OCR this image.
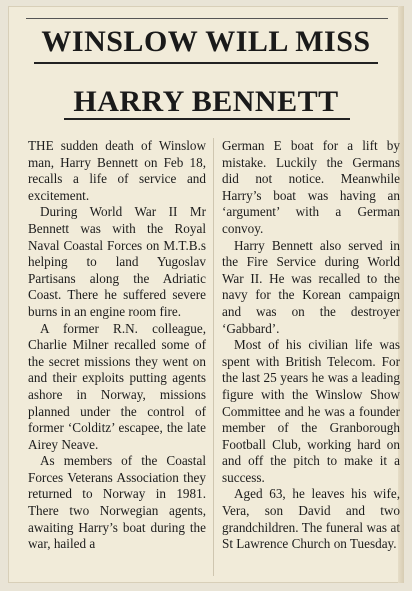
WINSLOW WILL MISS
HARRY BENNETT

THE sudden death of Winslow man, Harry Bennett on Feb 18, recalls a life of service and excitement.

During World War II Mr Bennett was with the Royal Naval Coastal Forces on M.T.B.s helping to land Yugoslav Partisans along the Adriatic Coast. There he suffered severe burns in an engine room fire.

A former R.N. colleague, Charlie Milner recalled some of the secret missions they went on and their exploits putting agents ashore in Norway, missions planned under the control of former ‘Colditz’ escapee, the late Airey Neave.

As members of the Coastal Forces Veterans Association they returned to Norway in 1981. There two Norwegian agents, awaiting Harry’s boat during the war, hailed a

German E boat for a lift by mistake. Luckily the Germans did not notice. Meanwhile Harry’s boat was having an ‘argument’ with a German convoy.

Harry Bennett also served in the Fire Service during World War II. He was recalled to the navy for the Korean campaign and was on the destroyer ‘Gabbard’.

Most of his civilian life was spent with British Telecom. For the last 25 years he was a leading figure with the Winslow Show Committee and he was a founder member of the Granborough Football Club, working hard on and off the pitch to make it a success.

Aged 63, he leaves his wife, Vera, son David and two grandchildren. The funeral was at St Lawrence Church on Tuesday.
